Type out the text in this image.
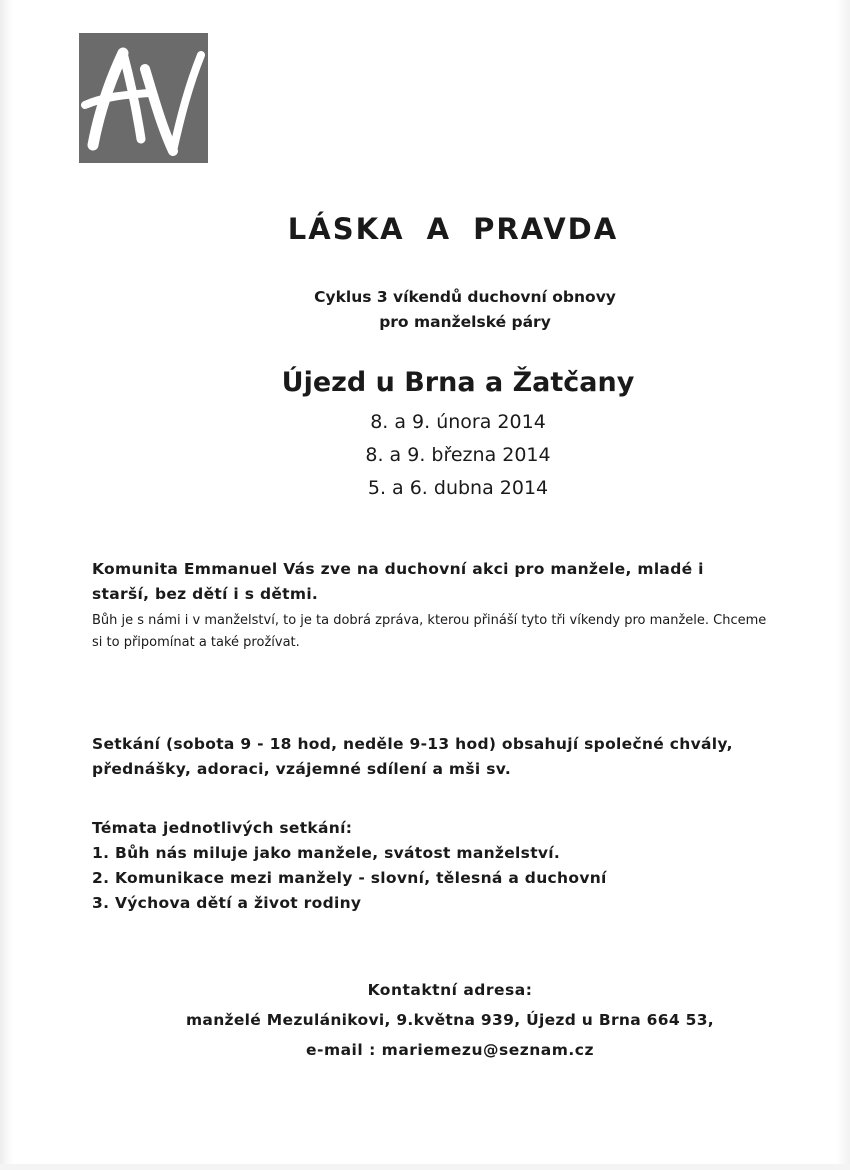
LÁSKA A PRAVDA
Cyklus 3 víkendů duchovní obnovy
pro manželské páry
Újezd u Brna a Žatčany
8. a 9. února 2014
8. a 9. března 2014
5. a 6. dubna 2014
Komunita Emmanuel Vás zve na duchovní akci pro manžele, mladé i starší, bez dětí i s dětmi.
Bůh je s námi i v manželství, to je ta dobrá zpráva, kterou přináší tyto tři víkendy pro manžele. Chceme si to připomínat a také prožívat.
Setkání (sobota 9 - 18 hod, neděle 9-13 hod) obsahují společné chvály, přednášky, adoraci, vzájemné sdílení a mši sv.
Témata jednotlivých setkání:
1. Bůh nás miluje jako manžele, svátost manželství.
2. Komunikace mezi manžely - slovní, tělesná a duchovní
3. Výchova dětí a život rodiny
Kontaktní adresa:
manželé Mezulánikovi, 9.května 939, Újezd u Brna 664 53,
e-mail : mariemezu@seznam.cz
